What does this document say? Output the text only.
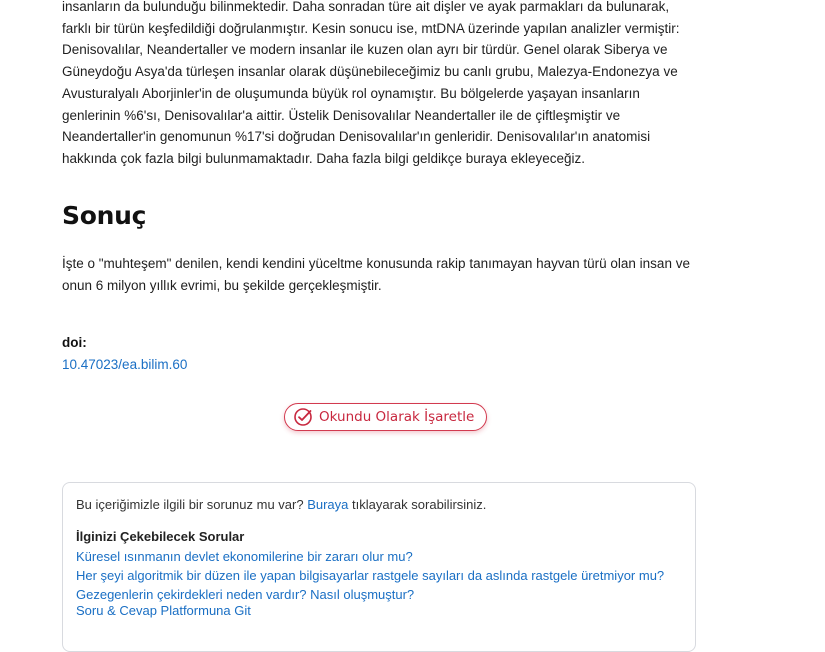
insanların da bulunduğu bilinmektedir. Daha sonradan türe ait dişler ve ayak parmakları da bulunarak, farklı bir türün keşfedildiği doğrulanmıştır. Kesin sonucu ise, mtDNA üzerinde yapılan analizler vermiştir: Denisovalılar, Neandertaller ve modern insanlar ile kuzen olan ayrı bir türdür. Genel olarak Siberya ve Güneydoğu Asya'da türleşen insanlar olarak düşünebileceğimiz bu canlı grubu, Malezya-Endonezya ve Avusturalyalı Aborjinler'in de oluşumunda büyük rol oynamıştır. Bu bölgelerde yaşayan insanların genlerinin %6'sı, Denisovalılar'a aittir. Üstelik Denisovalılar Neandertaller ile de çiftleşmiştir ve Neandertaller'in genomunun %17'si doğrudan Denisovalılar'ın genleridir. Denisovalılar'ın anatomisi hakkında çok fazla bilgi bulunmamaktadır. Daha fazla bilgi geldikçe buraya ekleyeceğiz.

Sonuç

İşte o "muhteşem" denilen, kendi kendini yüceltme konusunda rakip tanımayan hayvan türü olan insan ve onun 6 milyon yıllık evrimi, bu şekilde gerçekleşmiştir.

doi:
10.47023/ea.bilim.60
Okundu Olarak İşaretle
Bu içeriğimizle ilgili bir sorunuz mu var? Buraya tıklayarak sorabilirsiniz.
İlginizi Çekebilecek Sorular
Küresel ısınmanın devlet ekonomilerine bir zararı olur mu?
Her şeyi algoritmik bir düzen ile yapan bilgisayarlar rastgele sayıları da aslında rastgele üretmiyor mu?
Gezegenlerin çekirdekleri neden vardır? Nasıl oluşmuştur?
Soru & Cevap Platformuna Git
